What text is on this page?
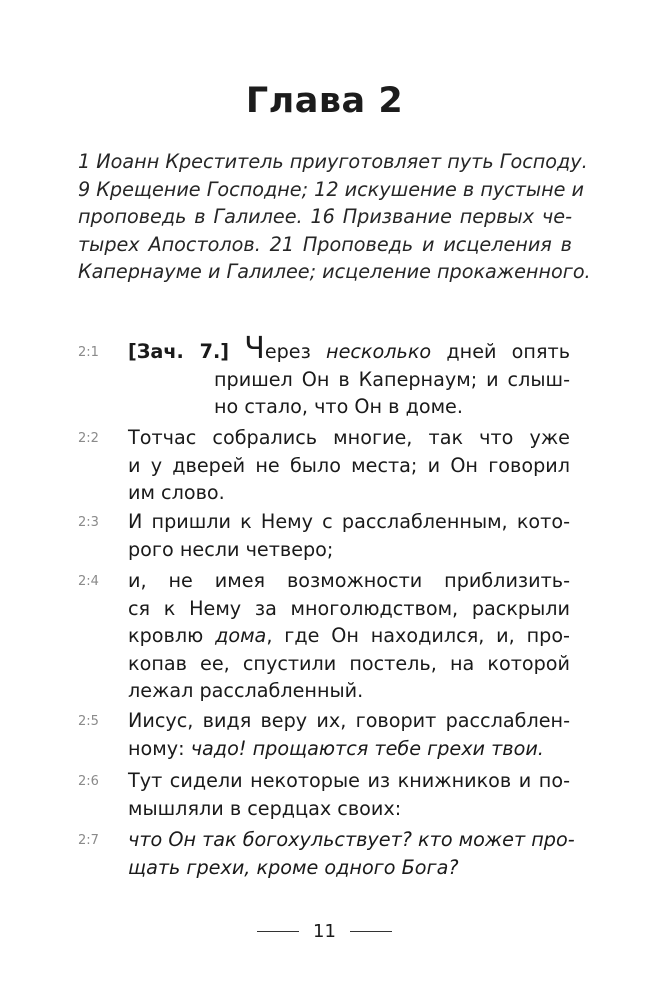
Глава 2
1 Иоанн Креститель приуготовляет путь Господу.
9 Крещение Господне; 12 искушение в пустыне и
проповедь в Галилее. 16 Призвание первых че-
тырех Апостолов. 21 Проповедь и исцеления в
Капернауме и Галилее; исцеление прокаженного.
2:1 [Зач. 7.] Через несколько дней опять
пришел Он в Капернаум; и слыш-
но стало, что Он в доме.
2:2 Тотчас собрались многие, так что уже
и у дверей не было места; и Он говорил
им слово.
2:3 И пришли к Нему с расслабленным, кото-
рого несли четверо;
2:4 и, не имея возможности приблизить-
ся к Нему за многолюдством, раскрыли
кровлю дома, где Он находился, и, про-
копав ее, спустили постель, на которой
лежал расслабленный.
2:5 Иисус, видя веру их, говорит расслаблен-
ному: чадо! прощаются тебе грехи твои.
2:6 Тут сидели некоторые из книжников и по-
мышляли в сердцах своих:
2:7 что Он так богохульствует? кто может про-
щать грехи, кроме одного Бога?
11
